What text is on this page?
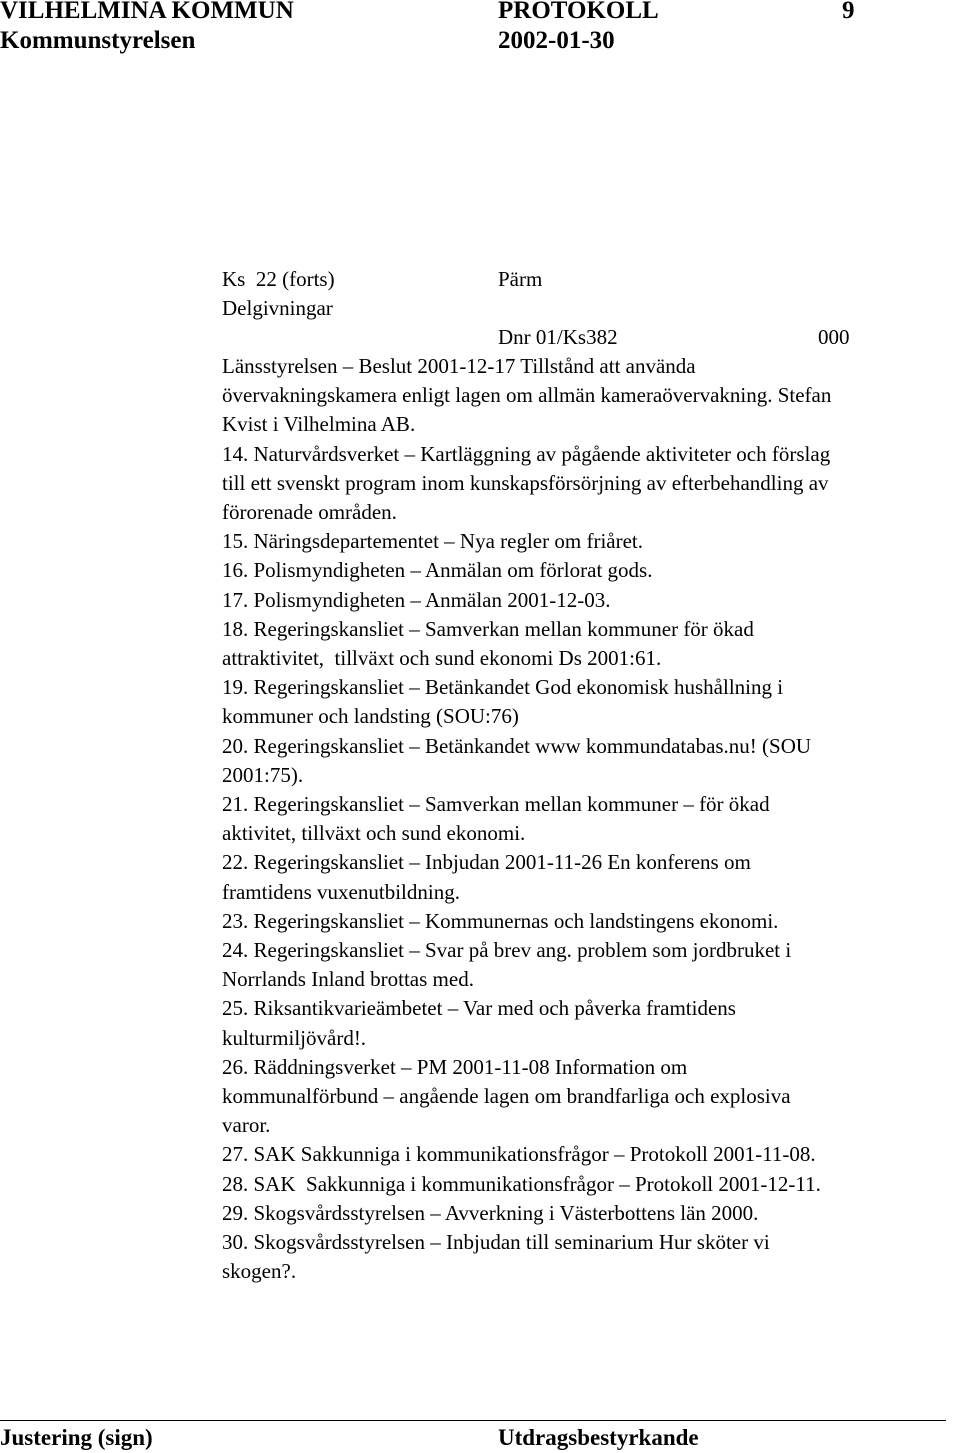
VILHELMINA KOMMUN	PROTOKOLL	9
Kommunstyrelsen	2002-01-30
Ks  22 (forts)	Pärm
Delgivningar
Dnr 01/Ks382	000
Länsstyrelsen – Beslut 2001-12-17 Tillstånd att använda
övervakningskamera enligt lagen om allmän kameraövervakning. Stefan
Kvist i Vilhelmina AB.
14. Naturvårdsverket – Kartläggning av pågående aktiviteter och förslag
till ett svenskt program inom kunskapsförsörjning av efterbehandling av
förorenade områden.
15. Näringsdepartementet – Nya regler om friåret.
16. Polismyndigheten – Anmälan om förlorat gods.
17. Polismyndigheten – Anmälan 2001-12-03.
18. Regeringskansliet – Samverkan mellan kommuner för ökad
attraktivitet,  tillväxt och sund ekonomi Ds 2001:61.
19. Regeringskansliet – Betänkandet God ekonomisk hushållning i
kommuner och landsting (SOU:76)
20. Regeringskansliet – Betänkandet www kommundatabas.nu! (SOU
2001:75).
21. Regeringskansliet – Samverkan mellan kommuner – för ökad
aktivitet, tillväxt och sund ekonomi.
22. Regeringskansliet – Inbjudan 2001-11-26 En konferens om
framtidens vuxenutbildning.
23. Regeringskansliet – Kommunernas och landstingens ekonomi.
24. Regeringskansliet – Svar på brev ang. problem som jordbruket i
Norrlands Inland brottas med.
25. Riksantikvarieämbetet – Var med och påverka framtidens
kulturmiljövård!.
26. Räddningsverket – PM 2001-11-08 Information om
kommunalförbund – angående lagen om brandfarliga och explosiva
varor.
27. SAK Sakkunniga i kommunikationsfrågor – Protokoll 2001-11-08.
28. SAK  Sakkunniga i kommunikationsfrågor – Protokoll 2001-12-11.
29. Skogsvårdsstyrelsen – Avverkning i Västerbottens län 2000.
30. Skogsvårdsstyrelsen – Inbjudan till seminarium Hur sköter vi
skogen?.
Justering (sign)	Utdragsbestyrkande
